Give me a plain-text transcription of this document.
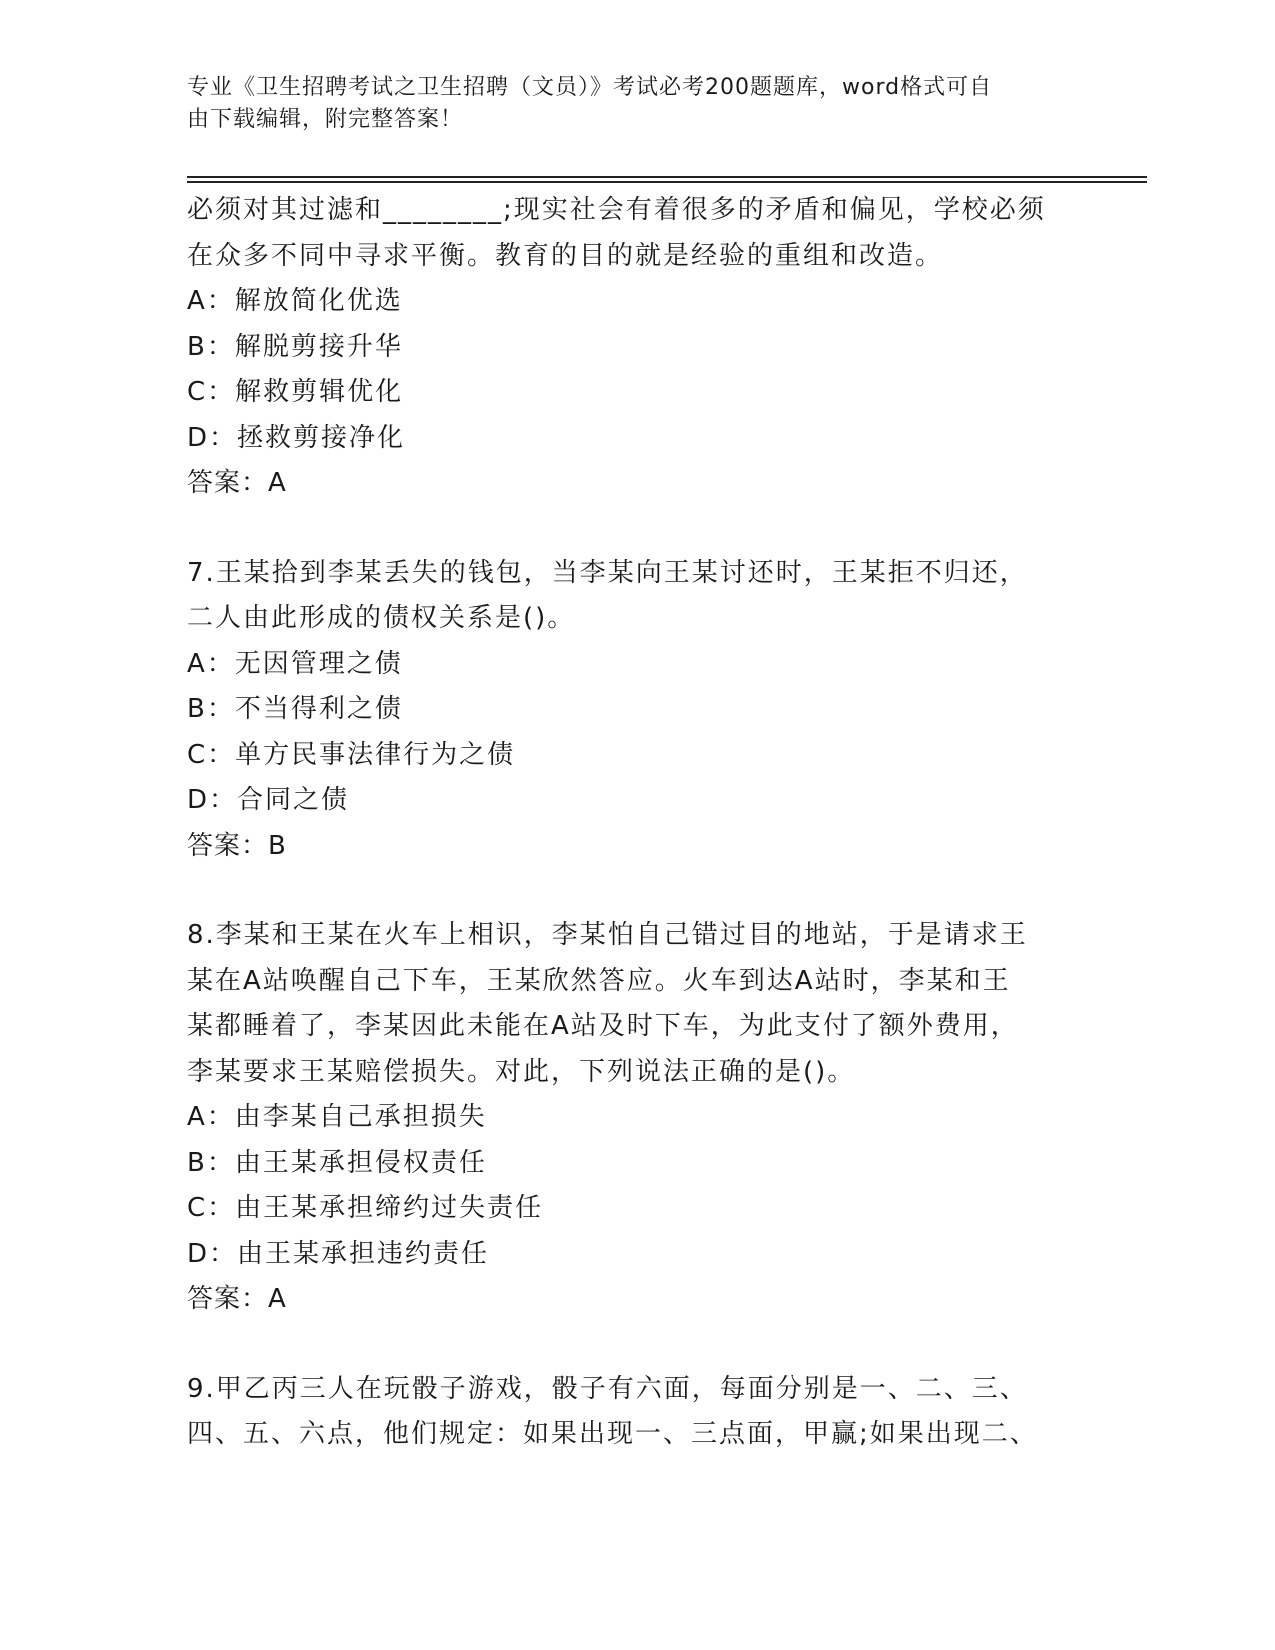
专业《卫生招聘考试之卫生招聘（文员）》考试必考200题题库，word格式可自
由下载编辑，附完整答案！
必须对其过滤和________;现实社会有着很多的矛盾和偏见，学校必须
在众多不同中寻求平衡。教育的目的就是经验的重组和改造。
A：解放简化优选
B：解脱剪接升华
C：解救剪辑优化
D：拯救剪接净化
答案：A
7.王某拾到李某丢失的钱包，当李某向王某讨还时，王某拒不归还，
二人由此形成的债权关系是()。
A：无因管理之债
B：不当得利之债
C：单方民事法律行为之债
D：合同之债
答案：B
8.李某和王某在火车上相识，李某怕自己错过目的地站，于是请求王
某在A站唤醒自己下车，王某欣然答应。火车到达A站时，李某和王
某都睡着了，李某因此未能在A站及时下车，为此支付了额外费用，
李某要求王某赔偿损失。对此，下列说法正确的是()。
A：由李某自己承担损失
B：由王某承担侵权责任
C：由王某承担缔约过失责任
D：由王某承担违约责任
答案：A
9.甲乙丙三人在玩骰子游戏，骰子有六面，每面分别是一、二、三、
四、五、六点，他们规定：如果出现一、三点面，甲赢;如果出现二、
